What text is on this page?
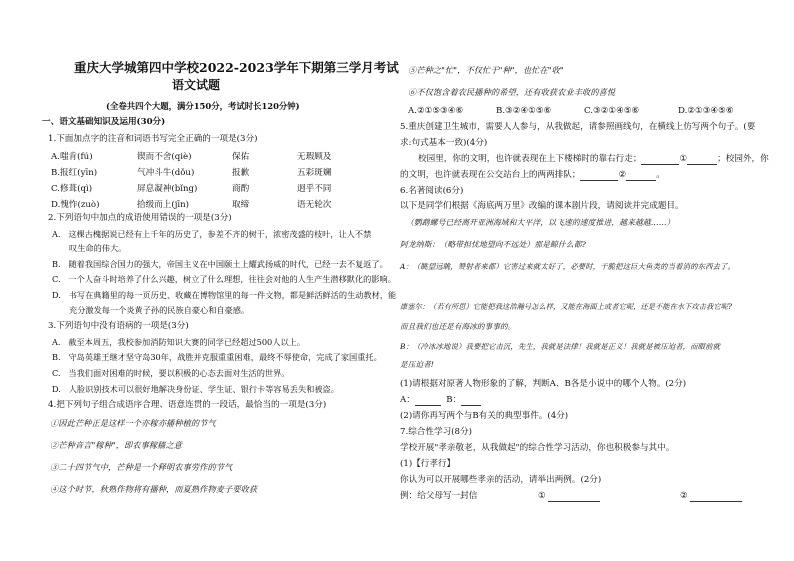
重庆大学城第四中学校2022-2023学年下期第三学月考试
语文试题
(全卷共四个大题，满分150分，考试时长120分钟)
一、语文基础知识及运用(30分)
1.下面加点字的注音和词语书写完全正确的一项是(3分)
A.嗤肯(fú)	锲而不舍(qiè)	保佑	无瑕顾及
B.报红(yīn)	气冲斗牛(dǒu)	报歉	五彩斑斓
C.修葺(qì)	屏息凝神(bǐng)	商酌	迥乎不同
D.愧怍(zuò)	拾级而上(jīn)	取缔	语无轮次
2.下列语句中加点的成语使用错误的一项是(3分)
A.   这棵古槐据说已经有上千年的历史了，参差不齐的树干，浓密茂盛的枝叶，让人不禁
叹生命的伟大。
B.   随着我国综合国力的强大，帝国主义在中国颐土上耀武扬威的时代，已经一去不复返了。
C.   一个人奋斗时培养了什么兴趣，树立了什么理想，往往会对他的人生产生潜移默化的影响。
D.   书写在典籍里的每一页历史、收藏在博物馆里的每一件文物，都是鲜活鲜活的生动教材，能
充分激发每一个炎黄子孙的民族自豪心和自豪感。
3.下列语句中没有语病的一项是(3分)
A.   截至本周五，我校参加消防知识大赛的同学已经超过500人以上。
B.   守岛英雄王继才坚守岛30年，战胜并克服重重困难，最终不辱使命，完成了家国重托。
C.   当我们面对困难的时候，要以积极的心态去面对生活的世界。
D.   人脸识别技术可以很好地解决身份证、学生证、银行卡等容易丢失和被盗。
4.把下列句子组合成语序合理、语意连贯的一段话，最恰当的一项是(3分)
①因此芒种正是这样一个亦稼亦播种植的节气
②芒种音言"稼种"，即农事稼穑之意
③二十四节气中，芒种是一个释明农事劳作的节气
④这个时节，秋熟作物将有播种，而夏熟作物麦子要收获
⑤芒种之"忙"，不仅忙于"种"，也忙在"收"
⑥不仅饱含着农民播种的希望，还有收获农业丰收的喜悦
A.②①⑤③④⑥	B.③②④①⑤⑥	C.③②①④⑤⑥	D.②①③④⑤⑥
5.重庆创建卫生城市，需要人人参与，从我做起，请参照画线句，在横线上仿写两个句子。(要
求:句式基本一致)(4分)
校园里，你的文明，也许就表现在上下楼梯时的靠右行走；	①	；校园外，你
的文明，也许就表现在公交站台上的两两排队；	②	。
6.名著阅读(6分)
以下是同学们根据《海底两万里》改编的课本剧片段，请阅读并完成题目。
（鹦鹉螺号已经离开亚洲海域和大平洋，以飞速的速度推进，越来越越……）
阿龙纳斯：（略带担忧地望向不远处）那是鲸什么都?
A：（眺望远眺，赞射者来都）它害过来就太好了，必要时，干脆把这巨大鱼类的当着消的东西去了。
康塞尔：（若有所思）它能把我这浩瀚号怎么样，又能在海面上或者它呢，还是不能在水下攻击我它呢?
而且我们也还是有海冰的事事的。
B：（冷冰冰地说）我要把它击沉，先生，我就是法律！我就是正义！我就是被压迫者，而眼前就
是压迫者!
(1)请根据对原著人物形象的了解，判断A、B各是小说中的哪个人物。(2分)
A：	B：
(2)请你再写两个与B有关的典型事件。(4分)
7.综合性学习(8分)
学校开展"孝亲敬老，从我做起"的综合性学习活动，你也积极参与其中。
(1)【行孝行】
你认为可以开展哪些孝亲的活动，请举出两例。(2分)
例：给父母写一封信	①	②
